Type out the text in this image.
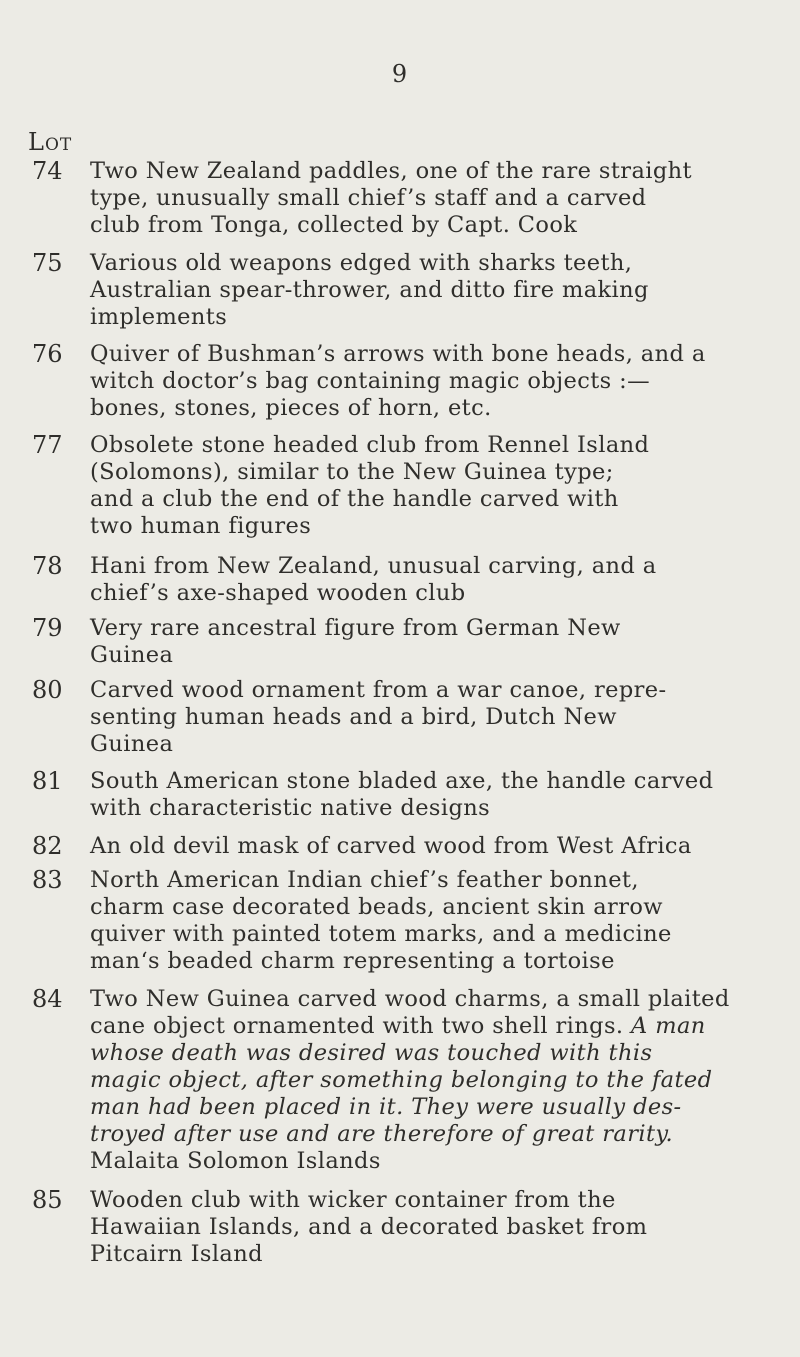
9
Lot
74 Two New Zealand paddles, one of the rare straight
type, unusually small chief’s staff and a carved
club from Tonga, collected by Capt. Cook
75 Various old weapons edged with sharks teeth,
Australian spear-thrower, and ditto fire making
implements
76 Quiver of Bushman’s arrows with bone heads, and a
witch doctor’s bag containing magic objects :—
bones, stones, pieces of horn, etc.
77 Obsolete stone headed club from Rennel Island
(Solomons), similar to the New Guinea type;
and a club the end of the handle carved with
two human figures
78 Hani from New Zealand, unusual carving, and a
chief’s axe-shaped wooden club
79 Very rare ancestral figure from German New
Guinea
80 Carved wood ornament from a war canoe, repre-
senting human heads and a bird, Dutch New
Guinea
81 South American stone bladed axe, the handle carved
with characteristic native designs
82 An old devil mask of carved wood from West Africa
83 North American Indian chief’s feather bonnet,
charm case decorated beads, ancient skin arrow
quiver with painted totem marks, and a medicine
man‘s beaded charm representing a tortoise
84 Two New Guinea carved wood charms, a small plaited
cane object ornamented with two shell rings. A man
whose death was desired was touched with this
magic object, after something belonging to the fated
man had been placed in it. They were usually des-
troyed after use and are therefore of great rarity.
Malaita Solomon Islands
85 Wooden club with wicker container from the
Hawaiian Islands, and a decorated basket from
Pitcairn Island
